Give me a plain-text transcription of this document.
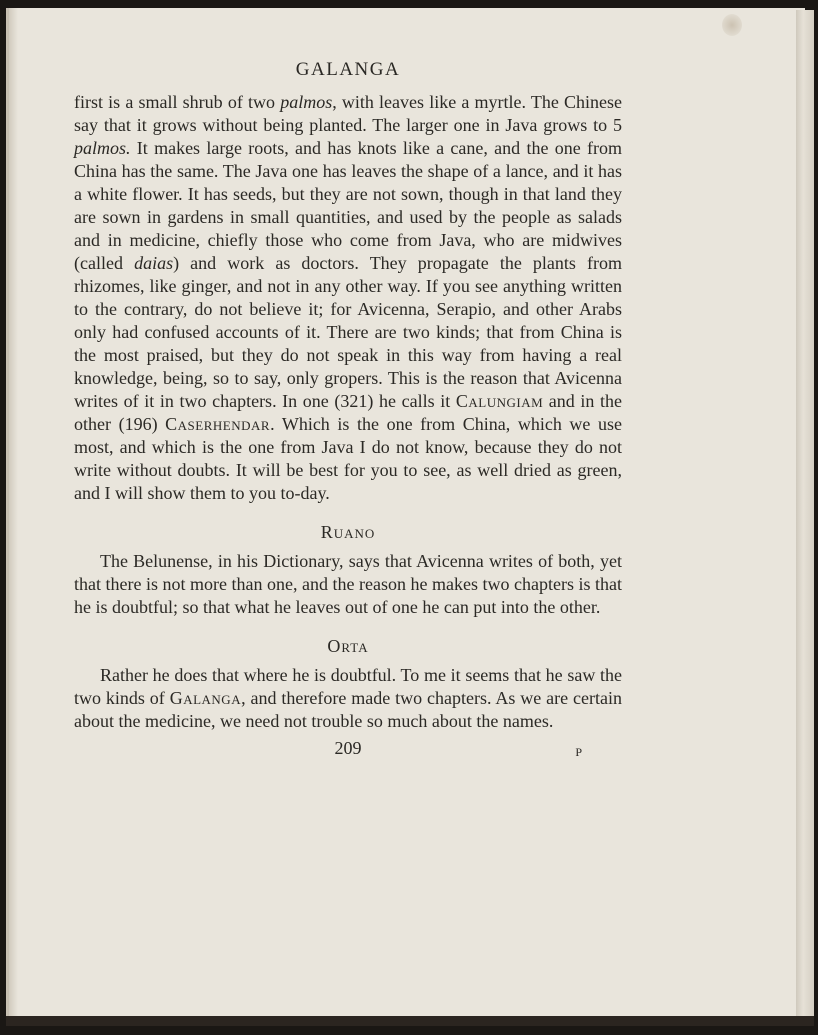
GALANGA

first is a small shrub of two palmos, with leaves like a myrtle. The Chinese say that it grows without being planted. The larger one in Java grows to 5 palmos. It makes large roots, and has knots like a cane, and the one from China has the same. The Java one has leaves the shape of a lance, and it has a white flower. It has seeds, but they are not sown, though in that land they are sown in gardens in small quantities, and used by the people as salads and in medicine, chiefly those who come from Java, who are midwives (called daias) and work as doctors. They propagate the plants from rhizomes, like ginger, and not in any other way. If you see anything written to the contrary, do not believe it; for Avicenna, Serapio, and other Arabs only had confused accounts of it. There are two kinds; that from China is the most praised, but they do not speak in this way from having a real knowledge, being, so to say, only gropers. This is the reason that Avicenna writes of it in two chapters. In one (321) he calls it Calungiam and in the other (196) Caserhendar. Which is the one from China, which we use most, and which is the one from Java I do not know, because they do not write without doubts. It will be best for you to see, as well dried as green, and I will show them to you to-day.

Ruano

The Belunense, in his Dictionary, says that Avicenna writes of both, yet that there is not more than one, and the reason he makes two chapters is that he is doubtful; so that what he leaves out of one he can put into the other.

Orta

Rather he does that where he is doubtful. To me it seems that he saw the two kinds of Galanga, and therefore made two chapters. As we are certain about the medicine, we need not trouble so much about the names.

209	P
